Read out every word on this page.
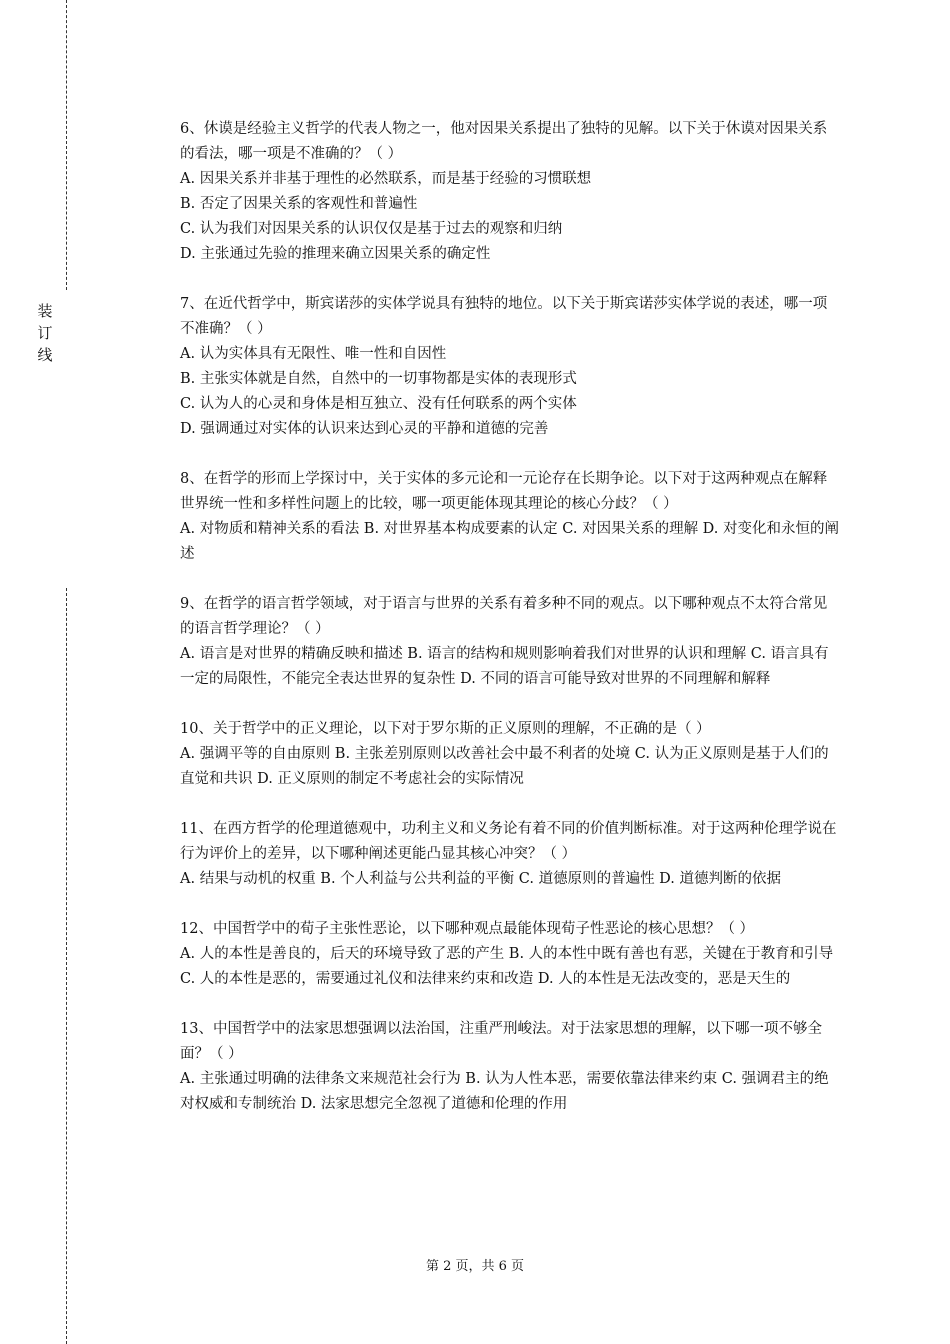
装
订
线

6、休谟是经验主义哲学的代表人物之一，他对因果关系提出了独特的见解。以下关于休谟对因果关系的看法，哪一项是不准确的？（ ）

A. 因果关系并非基于理性的必然联系，而是基于经验的习惯联想

B. 否定了因果关系的客观性和普遍性

C. 认为我们对因果关系的认识仅仅是基于过去的观察和归纳

D. 主张通过先验的推理来确立因果关系的确定性

7、在近代哲学中，斯宾诺莎的实体学说具有独特的地位。以下关于斯宾诺莎实体学说的表述，哪一项不准确？（ ）

A. 认为实体具有无限性、唯一性和自因性

B. 主张实体就是自然，自然中的一切事物都是实体的表现形式

C. 认为人的心灵和身体是相互独立、没有任何联系的两个实体

D. 强调通过对实体的认识来达到心灵的平静和道德的完善

8、在哲学的形而上学探讨中，关于实体的多元论和一元论存在长期争论。以下对于这两种观点在解释世界统一性和多样性问题上的比较，哪一项更能体现其理论的核心分歧？（ ）

A. 对物质和精神关系的看法 B. 对世界基本构成要素的认定 C. 对因果关系的理解 D. 对变化和永恒的阐述

9、在哲学的语言哲学领域，对于语言与世界的关系有着多种不同的观点。以下哪种观点不太符合常见的语言哲学理论？（ ）

A. 语言是对世界的精确反映和描述 B. 语言的结构和规则影响着我们对世界的认识和理解 C. 语言具有一定的局限性，不能完全表达世界的复杂性 D. 不同的语言可能导致对世界的不同理解和解释

10、关于哲学中的正义理论，以下对于罗尔斯的正义原则的理解，不正确的是（ ）

A. 强调平等的自由原则 B. 主张差别原则以改善社会中最不利者的处境 C. 认为正义原则是基于人们的直觉和共识 D. 正义原则的制定不考虑社会的实际情况

11、在西方哲学的伦理道德观中，功利主义和义务论有着不同的价值判断标准。对于这两种伦理学说在行为评价上的差异，以下哪种阐述更能凸显其核心冲突？（ ）

A. 结果与动机的权重 B. 个人利益与公共利益的平衡 C. 道德原则的普遍性 D. 道德判断的依据

12、中国哲学中的荀子主张性恶论，以下哪种观点最能体现荀子性恶论的核心思想？（ ）

A. 人的本性是善良的，后天的环境导致了恶的产生 B. 人的本性中既有善也有恶，关键在于教育和引导 C. 人的本性是恶的，需要通过礼仪和法律来约束和改造 D. 人的本性是无法改变的，恶是天生的

13、中国哲学中的法家思想强调以法治国，注重严刑峻法。对于法家思想的理解，以下哪一项不够全面？（ ）

A. 主张通过明确的法律条文来规范社会行为 B. 认为人性本恶，需要依靠法律来约束 C. 强调君主的绝对权威和专制统治 D. 法家思想完全忽视了道德和伦理的作用

第 2 页，共 6 页
